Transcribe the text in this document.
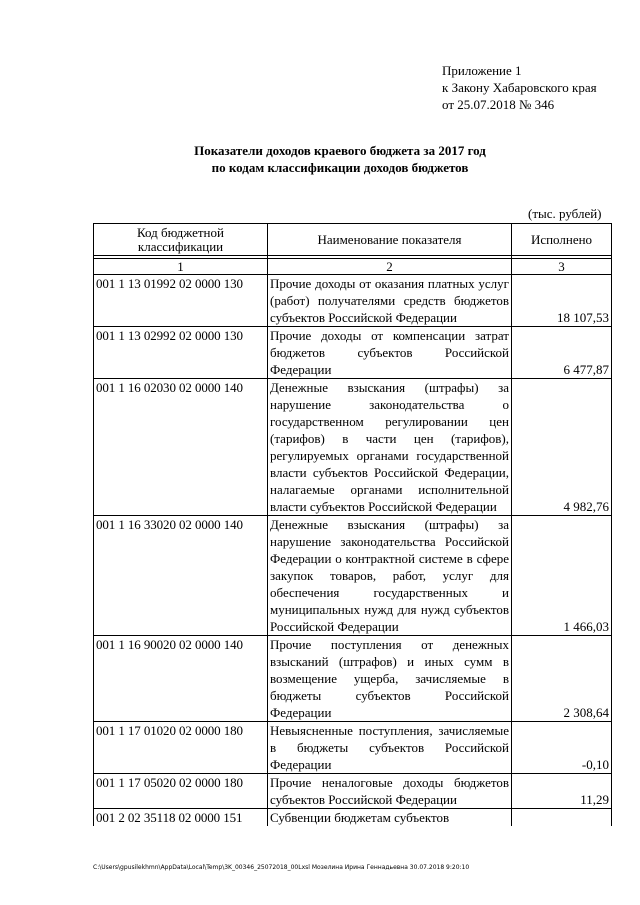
Приложение 1
к Закону Хабаровского края
от 25.07.2018 № 346
Показатели доходов краевого бюджета за 2017 год
по кодам классификации доходов бюджетов
(тыс. рублей)
Код бюджетной
классификации	Наименование показателя	Исполнено

1	2	3
001 1 13 01992 02 0000 130	Прочие доходы от оказания платных услуг (работ) получателями средств бюджетов субъектов Российской Федерации	18 107,53
001 1 13 02992 02 0000 130	Прочие доходы от компенсации затрат бюджетов субъектов Российской Федерации	6 477,87
001 1 16 02030 02 0000 140	Денежные взыскания (штрафы) за нарушение законодательства о государственном регулировании цен (тарифов) в части цен (тарифов), регулируемых органами государственной власти субъектов Российской Федерации, налагаемые органами исполнительной власти субъектов Российской Федерации	4 982,76
001 1 16 33020 02 0000 140	Денежные взыскания (штрафы) за нарушение законодательства Российской Федерации о контрактной системе в сфере закупок товаров, работ, услуг для обеспечения государственных и муниципальных нужд для нужд субъектов Российской Федерации	1 466,03
001 1 16 90020 02 0000 140	Прочие поступления от денежных взысканий (штрафов) и иных сумм в возмещение ущерба, зачисляемые в бюджеты субъектов Российской Федерации	2 308,64
001 1 17 01020 02 0000 180	Невыясненные поступления, зачисляемые в бюджеты субъектов Российской Федерации	-0,10
001 1 17 05020 02 0000 180	Прочие неналоговые доходы бюджетов субъектов Российской Федерации	11,29
001 2 02 35118 02 0000 151	Субвенции бюджетам субъектов	
C:\Users\gpusilekhmn\AppData\Local\Temp\3K_00346_25072018_00Lxsl Мозелина Ирина Геннадьевна 30.07.2018 9:20:10
